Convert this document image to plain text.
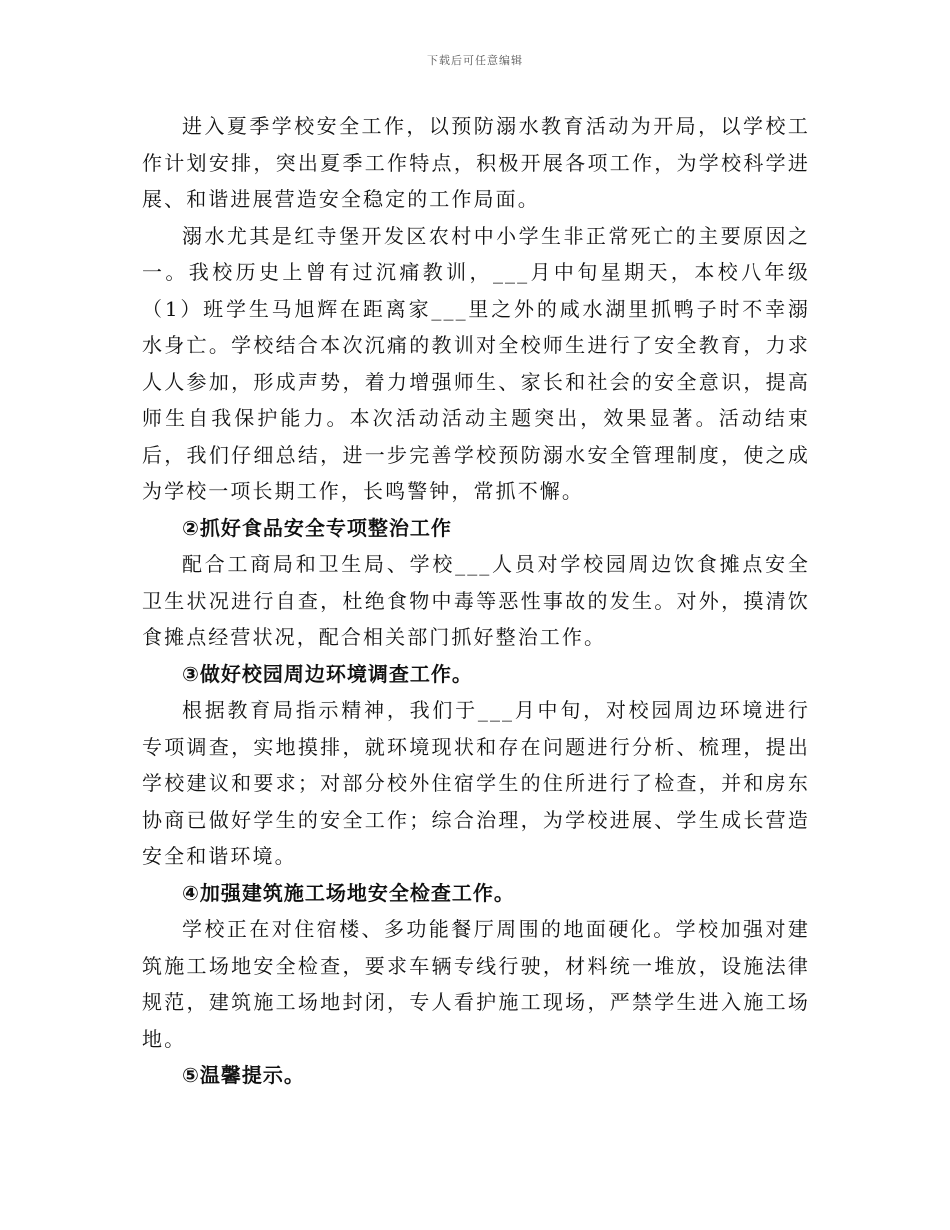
下载后可任意编辑

进入夏季学校安全工作，以预防溺水教育活动为开局，以学校工作计划安排，突出夏季工作特点，积极开展各项工作，为学校科学进展、和谐进展营造安全稳定的工作局面。

溺水尤其是红寺堡开发区农村中小学生非正常死亡的主要原因之一。我校历史上曾有过沉痛教训，___月中旬星期天，本校八年级（1）班学生马旭辉在距离家___里之外的咸水湖里抓鸭子时不幸溺水身亡。学校结合本次沉痛的教训对全校师生进行了安全教育，力求人人参加，形成声势，着力增强师生、家长和社会的安全意识，提高师生自我保护能力。本次活动活动主题突出，效果显著。活动结束后，我们仔细总结，进一步完善学校预防溺水安全管理制度，使之成为学校一项长期工作，长鸣警钟，常抓不懈。

②抓好食品安全专项整治工作

配合工商局和卫生局、学校___人员对学校园周边饮食摊点安全卫生状况进行自查，杜绝食物中毒等恶性事故的发生。对外，摸清饮食摊点经营状况，配合相关部门抓好整治工作。

③做好校园周边环境调查工作。

根据教育局指示精神，我们于___月中旬，对校园周边环境进行专项调查，实地摸排，就环境现状和存在问题进行分析、梳理，提出学校建议和要求；对部分校外住宿学生的住所进行了检查，并和房东协商已做好学生的安全工作；综合治理，为学校进展、学生成长营造安全和谐环境。

④加强建筑施工场地安全检查工作。

学校正在对住宿楼、多功能餐厅周围的地面硬化。学校加强对建筑施工场地安全检查，要求车辆专线行驶，材料统一堆放，设施法律规范，建筑施工场地封闭，专人看护施工现场，严禁学生进入施工场地。

⑤温馨提示。
